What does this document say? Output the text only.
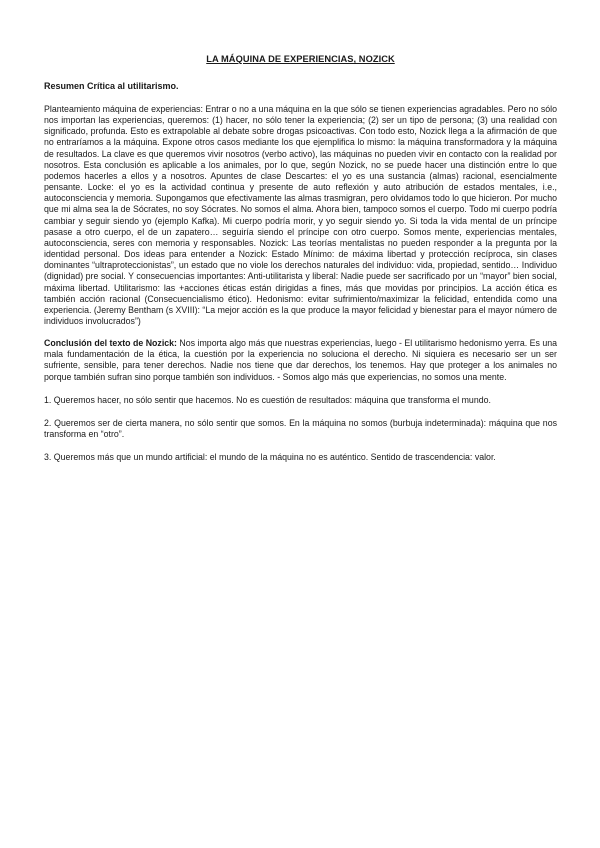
LA MÁQUINA DE EXPERIENCIAS, NOZICK
Resumen Crítica al utilitarismo.

Planteamiento máquina de experiencias: Entrar o no a una máquina en la que sólo se tienen experiencias agradables. Pero no sólo nos importan las experiencias, queremos: (1) hacer, no sólo tener la experiencia; (2) ser un tipo de persona; (3) una realidad con significado, profunda. Esto es extrapolable al debate sobre drogas psicoactivas. Con todo esto, Nozick llega a la afirmación de que no entraríamos a la máquina. Expone otros casos mediante los que ejemplifica lo mismo: la máquina transformadora y la máquina de resultados. La clave es que queremos vivir nosotros (verbo activo), las máquinas no pueden vivir en contacto con la realidad por nosotros. Esta conclusión es aplicable a los animales, por lo que, según Nozick, no se puede hacer una distinción entre lo que podemos hacerles a ellos y a nosotros. Apuntes de clase Descartes: el yo es una sustancia (almas) racional, esencialmente pensante. Locke: el yo es la actividad continua y presente de auto reflexión y auto atribución de estados mentales, i.e., autoconsciencia y memoria. Supongamos que efectivamente las almas trasmigran, pero olvidamos todo lo que hicieron. Por mucho que mi alma sea la de Sócrates, no soy Sócrates. No somos el alma. Ahora bien, tampoco somos el cuerpo. Todo mi cuerpo podría cambiar y seguir siendo yo (ejemplo Kafka). Mi cuerpo podría morir, y yo seguir siendo yo. Si toda la vida mental de un príncipe pasase a otro cuerpo, el de un zapatero… seguiría siendo el príncipe con otro cuerpo. Somos mente, experiencias mentales, autoconsciencia, seres con memoria y responsables. Nozick: Las teorías mentalistas no pueden responder a la pregunta por la identidad personal. Dos ideas para entender a Nozick: Estado Mínimo: de máxima libertad y protección recíproca, sin clases dominantes “ultraproteccionistas”, un estado que no viole los derechos naturales del individuo: vida, propiedad, sentido… Individuo (dignidad) pre social. Y consecuencias importantes: Anti-utilitarista y liberal: Nadie puede ser sacrificado por un “mayor” bien social, máxima libertad. Utilitarismo: las +acciones éticas están dirigidas a fines, más que movidas por principios. La acción ética es también acción racional (Consecuencialismo ético). Hedonismo: evitar sufrimiento/maximizar la felicidad, entendida como una experiencia. (Jeremy Bentham (s XVIII): “La mejor acción es la que produce la mayor felicidad y bienestar para el mayor número de individuos involucrados”)

Conclusión del texto de Nozick: Nos importa algo más que nuestras experiencias, luego - El utilitarismo hedonismo yerra. Es una mala fundamentación de la ética, la cuestión por la experiencia no soluciona el derecho. Ni siquiera es necesario ser un ser sufriente, sensible, para tener derechos. Nadie nos tiene que dar derechos, los tenemos. Hay que proteger a los animales no porque también sufran sino porque también son individuos. - Somos algo más que experiencias, no somos una mente.

1. Queremos hacer, no sólo sentir que hacemos. No es cuestión de resultados: máquina que transforma el mundo.

2. Queremos ser de cierta manera, no sólo sentir que somos. En la máquina no somos (burbuja indeterminada): máquina que nos transforma en “otro”.

3. Queremos más que un mundo artificial: el mundo de la máquina no es auténtico. Sentido de trascendencia: valor.
